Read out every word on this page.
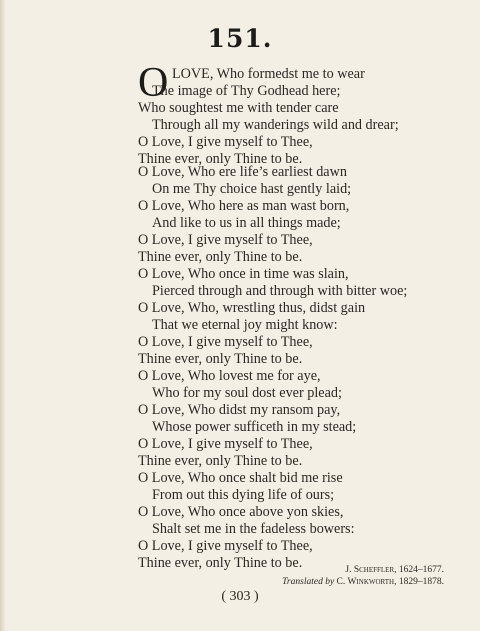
151.
O LOVE, Who formedst me to wear
The image of Thy Godhead here;
Who soughtest me with tender care
Through all my wanderings wild and drear;
O Love, I give myself to Thee,
Thine ever, only Thine to be.
O Love, Who ere life’s earliest dawn
On me Thy choice hast gently laid;
O Love, Who here as man wast born,
And like to us in all things made;
O Love, I give myself to Thee,
Thine ever, only Thine to be.
O Love, Who once in time was slain,
Pierced through and through with bitter woe;
O Love, Who, wrestling thus, didst gain
That we eternal joy might know:
O Love, I give myself to Thee,
Thine ever, only Thine to be.
O Love, Who lovest me for aye,
Who for my soul dost ever plead;
O Love, Who didst my ransom pay,
Whose power sufficeth in my stead;
O Love, I give myself to Thee,
Thine ever, only Thine to be.
O Love, Who once shalt bid me rise
From out this dying life of ours;
O Love, Who once above yon skies,
Shalt set me in the fadeless bowers:
O Love, I give myself to Thee,
Thine ever, only Thine to be.	J. Scheffler, 1624–1677.
Translated by C. Winkworth, 1829–1878.
( 303 )
